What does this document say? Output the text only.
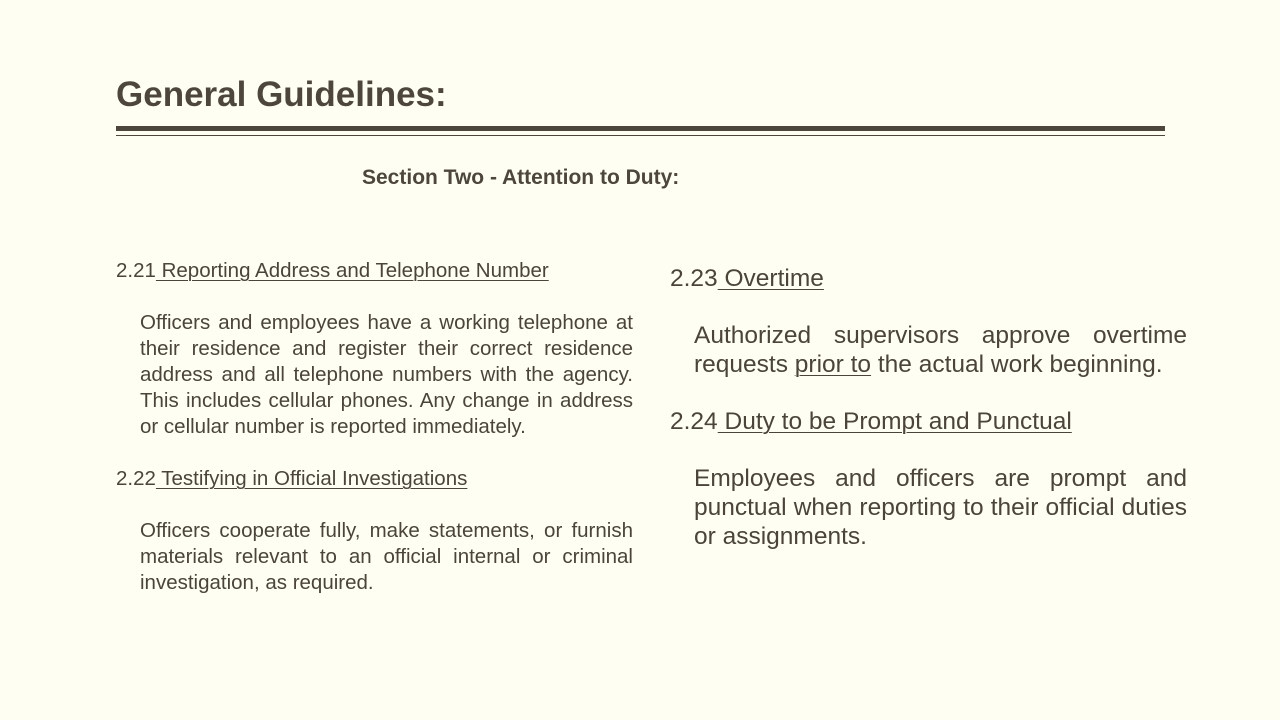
General Guidelines:
Section Two - Attention to Duty:
2.21 Reporting Address and Telephone Number
Officers and employees have a working telephone at their residence and register their correct residence address and all telephone numbers with the agency. This includes cellular phones. Any change in address or cellular number is reported immediately.
2.22 Testifying in Official Investigations
Officers cooperate fully, make statements, or furnish materials relevant to an official internal or criminal investigation, as required.
2.23 Overtime
Authorized supervisors approve overtime requests prior to the actual work beginning.
2.24 Duty to be Prompt and Punctual
Employees and officers are prompt and punctual when reporting to their official duties or assignments.
